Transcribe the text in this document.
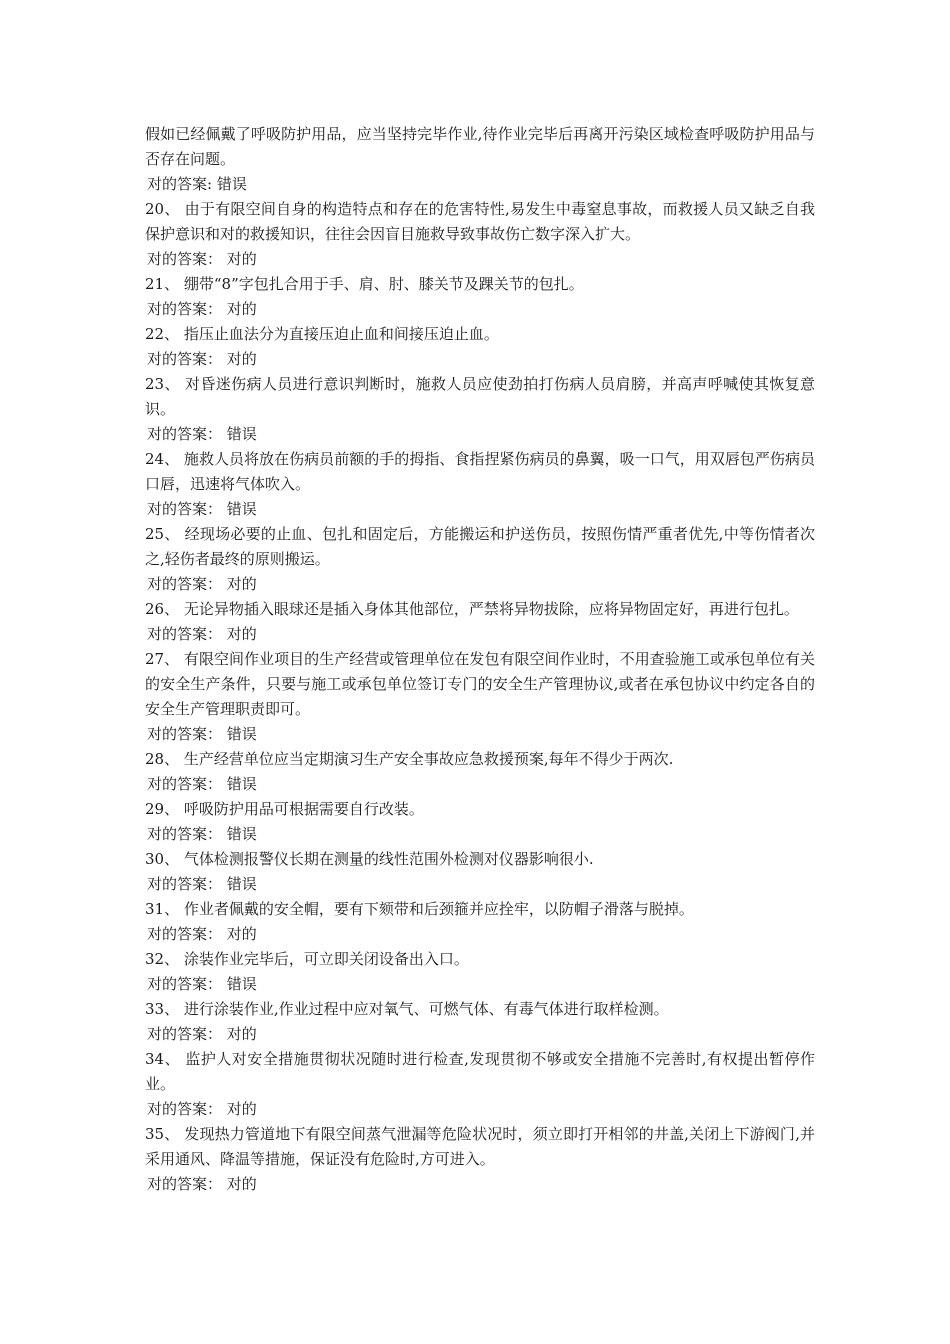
假如已经佩戴了呼吸防护用品，应当坚持完毕作业,待作业完毕后再离开污染区域检查呼吸防护用品与否存在问题。

对的答案: 错误

20、 由于有限空间自身的构造特点和存在的危害特性,易发生中毒窒息事故，而救援人员又缺乏自我保护意识和对的救援知识，往往会因盲目施救导致事故伤亡数字深入扩大。

对的答案： 对的

21、 绷带“8”字包扎合用于手、肩、肘、膝关节及踝关节的包扎。

对的答案： 对的

22、 指压止血法分为直接压迫止血和间接压迫止血。

对的答案： 对的

23、 对昏迷伤病人员进行意识判断时，施救人员应使劲拍打伤病人员肩膀，并高声呼喊使其恢复意识。

对的答案： 错误

24、 施救人员将放在伤病员前额的手的拇指、食指捏紧伤病员的鼻翼，吸一口气，用双唇包严伤病员口唇，迅速将气体吹入。

对的答案： 错误

25、 经现场必要的止血、包扎和固定后，方能搬运和护送伤员，按照伤情严重者优先,中等伤情者次之,轻伤者最终的原则搬运。

对的答案： 对的

26、 无论异物插入眼球还是插入身体其他部位，严禁将异物拔除，应将异物固定好，再进行包扎。

对的答案： 对的

27、 有限空间作业项目的生产经营或管理单位在发包有限空间作业时，不用查验施工或承包单位有关的安全生产条件，只要与施工或承包单位签订专门的安全生产管理协议,或者在承包协议中约定各自的安全生产管理职责即可。

对的答案： 错误

28、 生产经营单位应当定期演习生产安全事故应急救援预案,每年不得少于两次.

对的答案： 错误

29、 呼吸防护用品可根据需要自行改装。

对的答案： 错误

30、 气体检测报警仪长期在测量的线性范围外检测对仪器影响很小.

对的答案： 错误

31、 作业者佩戴的安全帽，要有下颏带和后颈箍并应拴牢，以防帽子滑落与脱掉。

对的答案： 对的

32、 涂装作业完毕后，可立即关闭设备出入口。

对的答案： 错误

33、 进行涂装作业,作业过程中应对氧气、可燃气体、有毒气体进行取样检测。

对的答案： 对的

34、 监护人对安全措施贯彻状况随时进行检查,发现贯彻不够或安全措施不完善时,有权提出暂停作业。

对的答案： 对的

35、 发现热力管道地下有限空间蒸气泄漏等危险状况时，须立即打开相邻的井盖,关闭上下游阀门,并采用通风、降温等措施，保证没有危险时,方可进入。

对的答案： 对的
